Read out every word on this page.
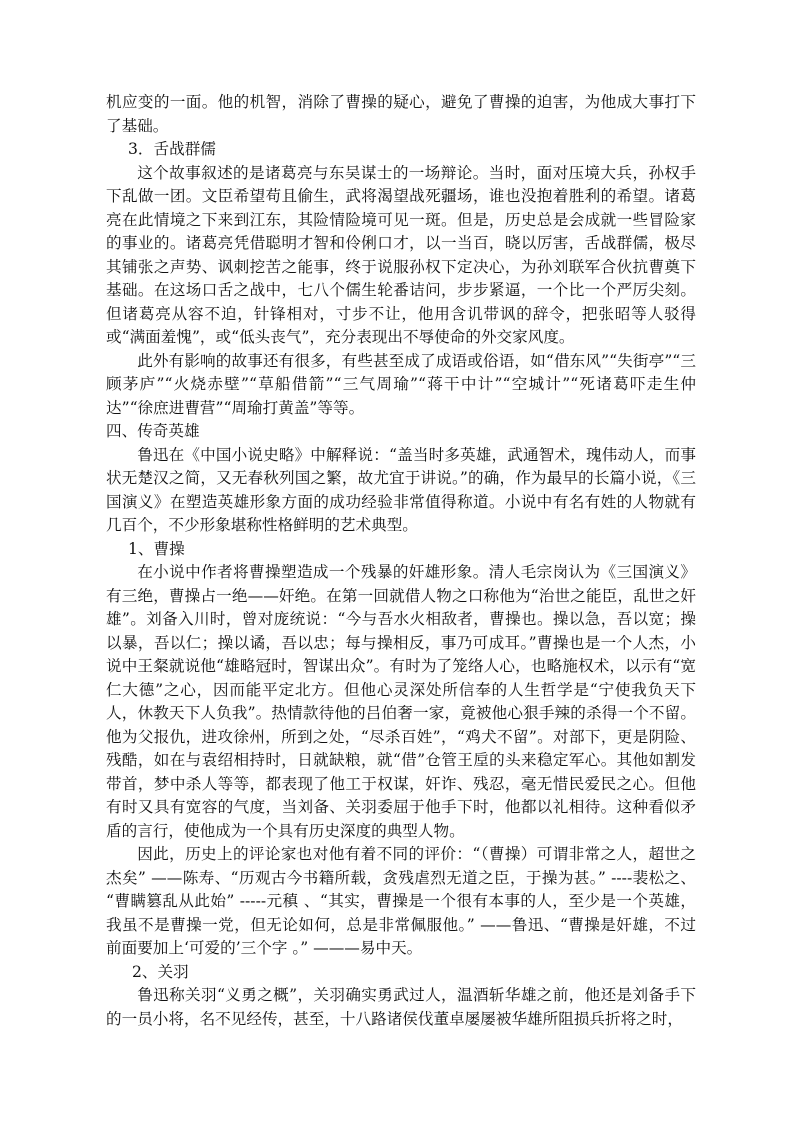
机应变的一面。他的机智，消除了曹操的疑心，避免了曹操的迫害，为他成大事打下了基础。

3．舌战群儒

这个故事叙述的是诸葛亮与东吴谋士的一场辩论。当时，面对压境大兵，孙权手下乱做一团。文臣希望苟且偷生，武将渴望战死疆场，谁也没抱着胜利的希望。诸葛亮在此情境之下来到江东，其险情险境可见一斑。但是，历史总是会成就一些冒险家的事业的。诸葛亮凭借聪明才智和伶俐口才，以一当百，晓以厉害，舌战群儒，极尽其铺张之声势、讽刺挖苦之能事，终于说服孙权下定决心，为孙刘联军合伙抗曹奠下基础。在这场口舌之战中，七八个儒生轮番诘问，步步紧逼，一个比一个严厉尖刻。但诸葛亮从容不迫，针锋相对，寸步不让，他用含讥带讽的辞令，把张昭等人驳得或“满面羞愧”，或“低头丧气”，充分表现出不辱使命的外交家风度。

此外有影响的故事还有很多，有些甚至成了成语或俗语，如“借东风”“失街亭”“三顾茅庐”“火烧赤壁”“草船借箭”“三气周瑜”“蒋干中计”“空城计”“死诸葛吓走生仲达”“徐庶进曹营”“周瑜打黄盖”等等。

四、传奇英雄

鲁迅在《中国小说史略》中解释说：“盖当时多英雄，武通智术，瑰伟动人，而事状无楚汉之简，又无春秋列国之繁，故尤宜于讲说。”的确，作为最早的长篇小说，《三国演义》在塑造英雄形象方面的成功经验非常值得称道。小说中有名有姓的人物就有几百个，不少形象堪称性格鲜明的艺术典型。

1、曹操

在小说中作者将曹操塑造成一个残暴的奸雄形象。清人毛宗岗认为《三国演义》有三绝，曹操占一绝——奸绝。在第一回就借人物之口称他为“治世之能臣，乱世之奸雄”。刘备入川时，曾对庞统说：“今与吾水火相敌者，曹操也。操以急，吾以宽；操以暴，吾以仁；操以谲，吾以忠；每与操相反，事乃可成耳。”曹操也是一个人杰，小说中王粲就说他“雄略冠时，智谋出众”。有时为了笼络人心，也略施权术，以示有“宽仁大德”之心，因而能平定北方。但他心灵深处所信奉的人生哲学是“宁使我负天下人，休教天下人负我”。热情款待他的吕伯奢一家，竟被他心狠手辣的杀得一个不留。他为父报仇，进攻徐州，所到之处，“尽杀百姓”，“鸡犬不留”。对部下，更是阴险、残酷，如在与袁绍相持时，日就缺粮，就“借”仓管王垕的头来稳定军心。其他如割发带首，梦中杀人等等，都表现了他工于权谋，奸诈、残忍，毫无惜民爱民之心。但他有时又具有宽容的气度，当刘备、关羽委屈于他手下时，他都以礼相待。这种看似矛盾的言行，使他成为一个具有历史深度的典型人物。

因此，历史上的评论家也对他有着不同的评价：“（曹操）可谓非常之人，超世之杰矣” ——陈寿、“历观古今书籍所载，贪残虐烈无道之臣，于操为甚。” ----裴松之、 “曹瞒篡乱从此始” -----元稹 、“其实，曹操是一个很有本事的人，至少是一个英雄，我虽不是曹操一党，但无论如何，总是非常佩服他。” ——鲁迅、“曹操是奸雄，不过前面要加上‘可爱的’三个字 。” ———易中天。

2、关羽

鲁迅称关羽“义勇之概”，关羽确实勇武过人，温酒斩华雄之前，他还是刘备手下的一员小将，名不见经传，甚至，十八路诸侯伐董卓屡屡被华雄所阻损兵折将之时，
